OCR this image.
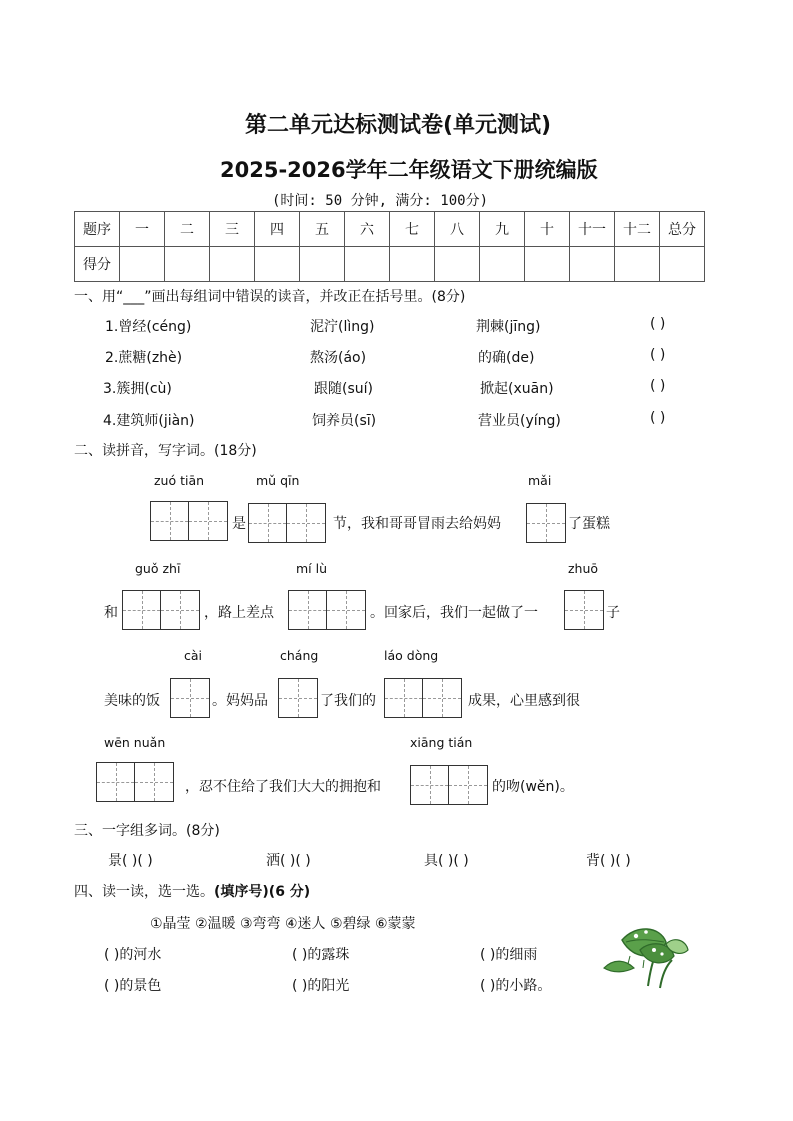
第二单元达标测试卷(单元测试)
2025-2026学年二年级语文下册统编版
(时间: 50 分钟, 满分: 100分)
题序	一	二	三	四	五	六	七	八	九	十	十一	十二	总分
得分													
一、用“___”画出每组词中错误的读音，并改正在括号里。(8分)
1.曾经(céng)	泥泞(lìng)	荆棘(jīng)	( )
2.蔗糖(zhè)	熬汤(áo)	的确(de)	( )
3.簇拥(cù)	跟随(suí)	掀起(xuān)	( )
4.建筑师(jiàn)	饲养员(sī)	营业员(yíng)	( )
二、读拼音，写字词。(18分)
zuó tiān	mǔ qīn	mǎi
是	节，我和哥哥冒雨去给妈妈	了蛋糕
guǒ zhī	mí lù	zhuō
和	，路上差点	。回家后，我们一起做了一	子
cài	cháng	láo dòng
美味的饭	。妈妈品	了我们的	成果，心里感到很
wēn nuǎn	xiāng tián
，忍不住给了我们大大的拥抱和	的吻(wěn)。
三、一字组多词。(8分)
景( )( )	洒( )( )	具( )( )	背( )( )
四、读一读，选一选。(填序号)(6 分)
①晶莹 ②温暖 ③弯弯 ④迷人 ⑤碧绿 ⑥蒙蒙
( )的河水	( )的露珠	( )的细雨
( )的景色	( )的阳光	( )的小路。
